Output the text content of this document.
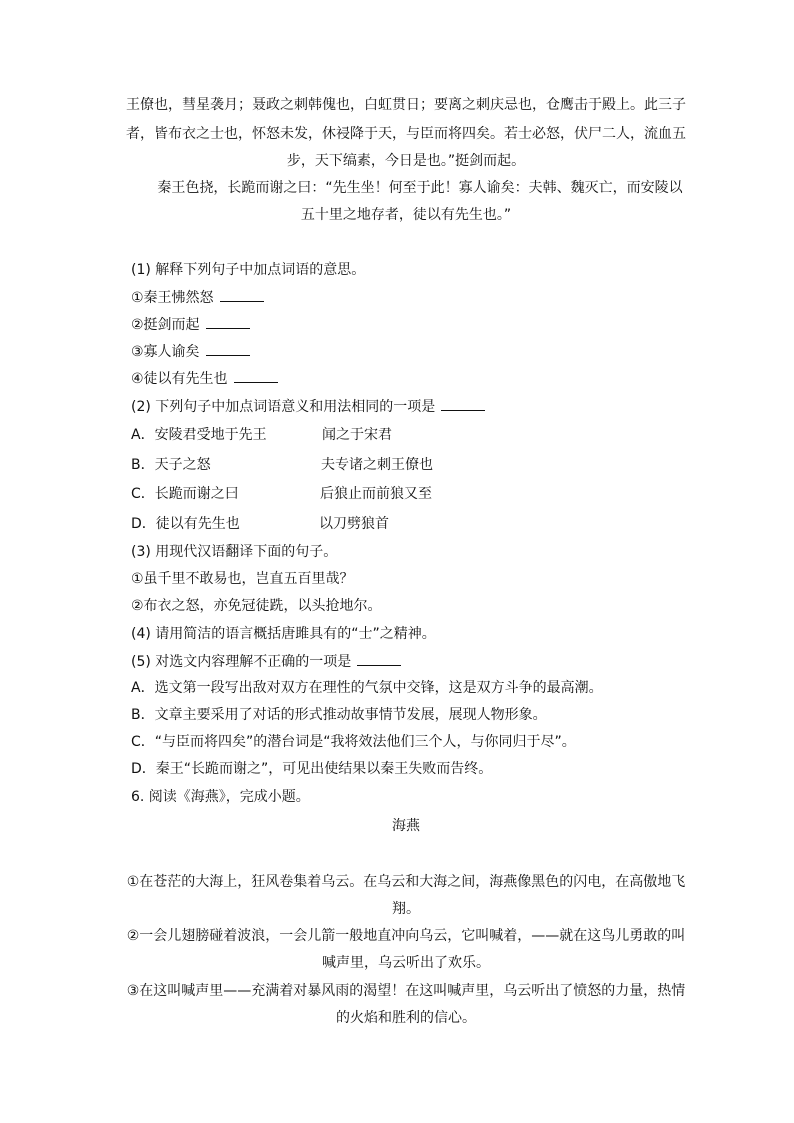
王僚也，彗星袭月；聂政之刺韩傀也，白虹贯日；要离之刺庆忌也，仓鹰击于殿上。此三子
者，皆布衣之士也，怀怒未发，休祲降于天，与臣而将四矣。若士必怒，伏尸二人，流血五
步，天下缟素，今日是也。”挺剑而起。
秦王色挠，长跪而谢之曰：“先生坐！何至于此！寡人谕矣：夫韩、魏灭亡，而安陵以
五十里之地存者，徒以有先生也。”
(1) 解释下列句子中加点词语的意思。
①秦王怫然怒
②挺剑而起
③寡人谕矣
④徒以有先生也
(2) 下列句子中加点词语意义和用法相同的一项是
A．安陵君受地于先王	闻之于宋君
B．天子之怒	夫专诸之刺王僚也
C．长跪而谢之曰	后狼止而前狼又至
D．徒以有先生也	以刀劈狼首
(3) 用现代汉语翻译下面的句子。
①虽千里不敢易也，岂直五百里哉？
②布衣之怒，亦免冠徒跣，以头抢地尔。
(4) 请用简洁的语言概括唐雎具有的“士”之精神。
(5) 对选文内容理解不正确的一项是
A．选文第一段写出敌对双方在理性的气氛中交锋，这是双方斗争的最高潮。
B．文章主要采用了对话的形式推动故事情节发展，展现人物形象。
C．“与臣而将四矣”的潜台词是“我将效法他们三个人，与你同归于尽”。
D．秦王“长跪而谢之”，可见出使结果以秦王失败而告终。
6. 阅读《海燕》，完成小题。
海燕
①在苍茫的大海上，狂风卷集着乌云。在乌云和大海之间，海燕像黑色的闪电，在高傲地飞
翔。
②一会儿翅膀碰着波浪，一会儿箭一般地直冲向乌云，它叫喊着，——就在这鸟儿勇敢的叫
喊声里，乌云听出了欢乐。
③在这叫喊声里——充满着对暴风雨的渴望！在这叫喊声里，乌云听出了愤怒的力量，热情
的火焰和胜利的信心。
